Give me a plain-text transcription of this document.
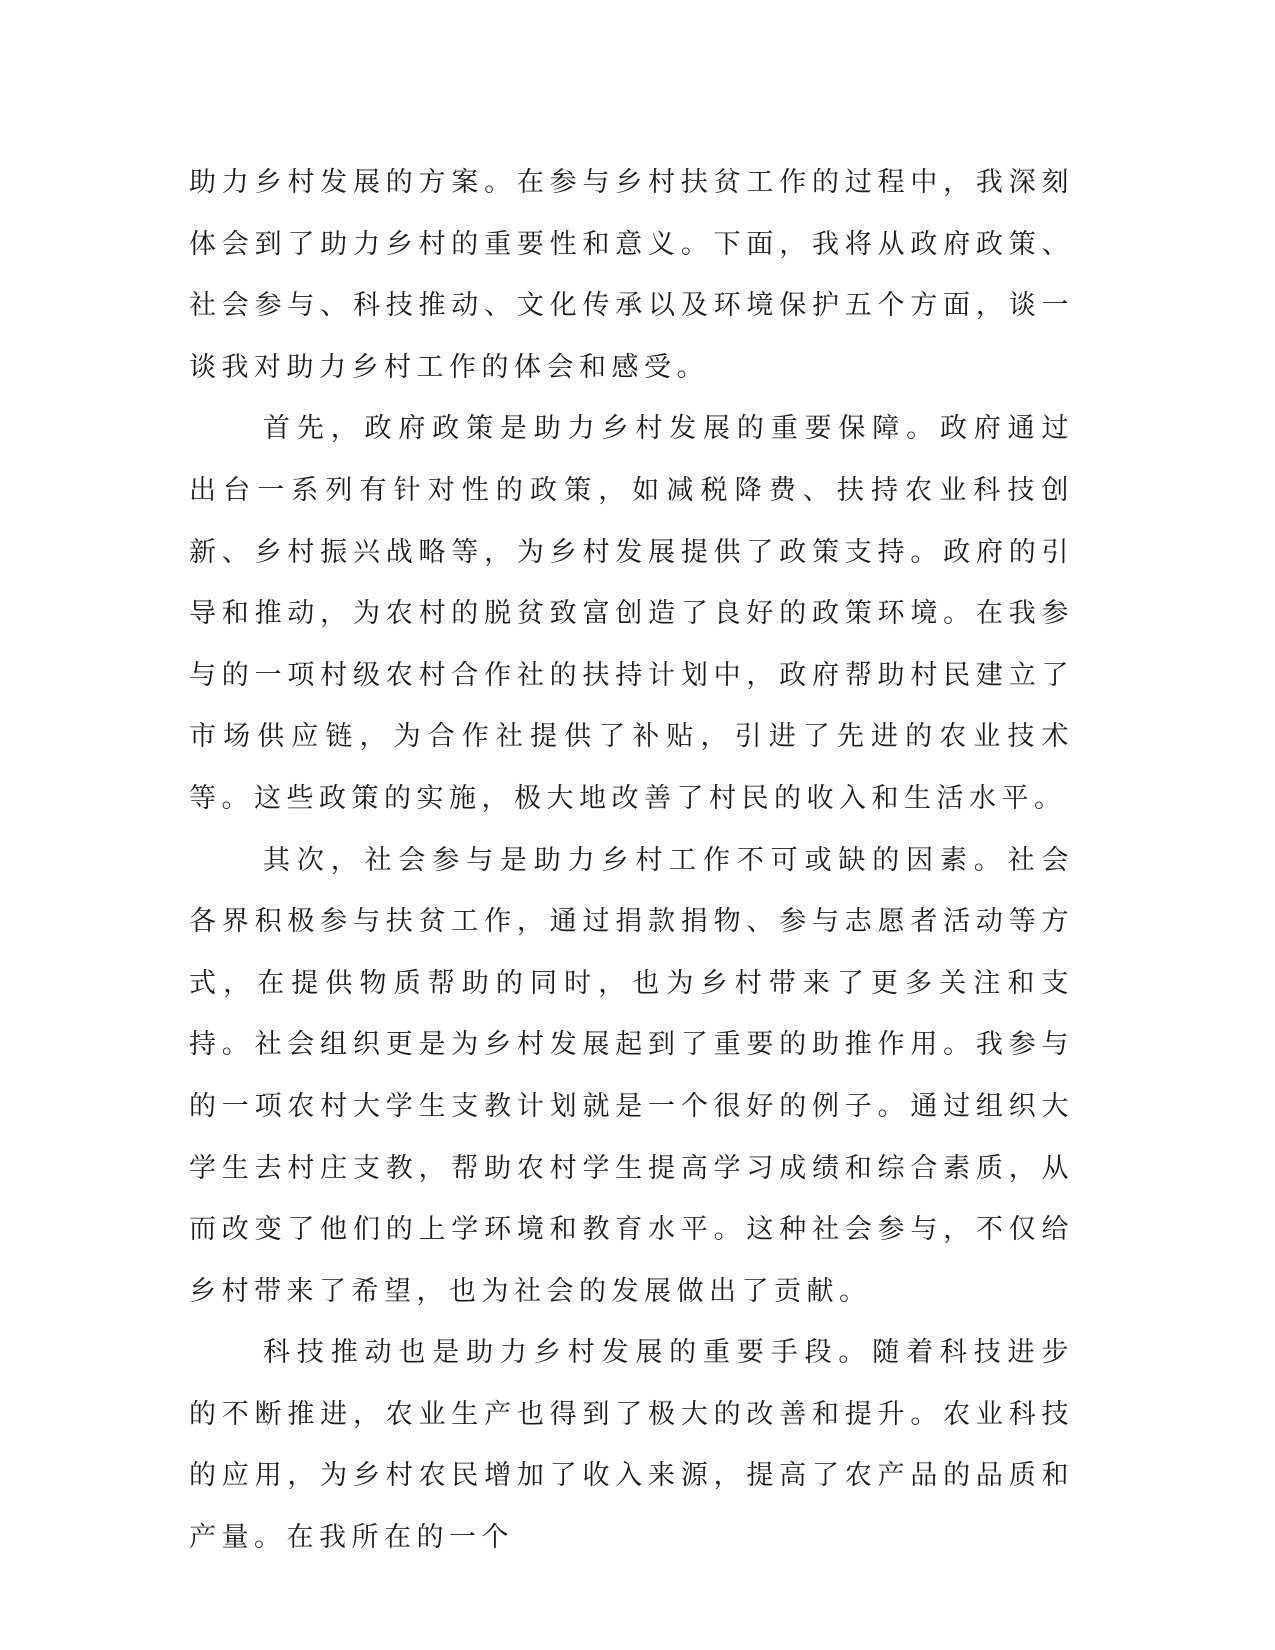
助力乡村发展的方案。在参与乡村扶贫工作的过程中，我深刻体会到了助力乡村的重要性和意义。下面，我将从政府政策、社会参与、科技推动、文化传承以及环境保护五个方面，谈一谈我对助力乡村工作的体会和感受。

首先，政府政策是助力乡村发展的重要保障。政府通过出台一系列有针对性的政策，如减税降费、扶持农业科技创新、乡村振兴战略等，为乡村发展提供了政策支持。政府的引导和推动，为农村的脱贫致富创造了良好的政策环境。在我参与的一项村级农村合作社的扶持计划中，政府帮助村民建立了市场供应链，为合作社提供了补贴，引进了先进的农业技术等。这些政策的实施，极大地改善了村民的收入和生活水平。

其次，社会参与是助力乡村工作不可或缺的因素。社会各界积极参与扶贫工作，通过捐款捐物、参与志愿者活动等方式，在提供物质帮助的同时，也为乡村带来了更多关注和支持。社会组织更是为乡村发展起到了重要的助推作用。我参与的一项农村大学生支教计划就是一个很好的例子。通过组织大学生去村庄支教，帮助农村学生提高学习成绩和综合素质，从而改变了他们的上学环境和教育水平。这种社会参与，不仅给乡村带来了希望，也为社会的发展做出了贡献。

科技推动也是助力乡村发展的重要手段。随着科技进步的不断推进，农业生产也得到了极大的改善和提升。农业科技的应用，为乡村农民增加了收入来源，提高了农产品的品质和产量。在我所在的一个
